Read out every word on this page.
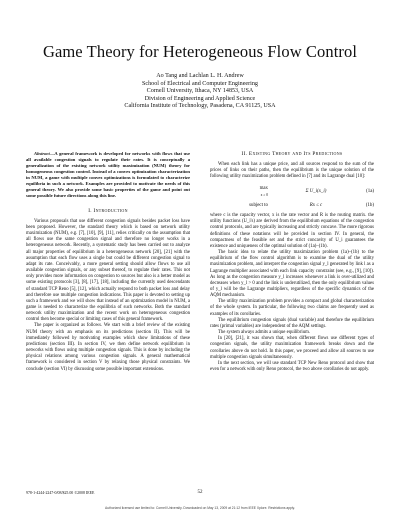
Game Theory for Heterogeneous Flow Control
Ao Tang and Lachlan L. H. Andrew
School of Electrical and Computer Engineering
Cornell University, Ithaca, NY 14853, USA
Division of Engineering and Applied Science
California Institute of Technology, Pasadena, CA 91125, USA

Abstract—A general framework is developed for networks with flows that use all available congestion signals to regulate their rates. It is conceptually a generalization of the existing network utility maximization (NUM) theory for homogeneous congestion control. Instead of a convex optimization characterization in NUM, a game with multiple convex optimizations is formulated to characterize equilibria in such a network. Examples are provided to motivate the needs of this general theory. We also provide some basic properties of the game and point out some possible future directions along this line.

I. Introduction

Various proposals that use different congestion signals besides packet loss have been proposed. However, the standard theory which is based on network utility maximization (NUM), e.g. [7], [10], [9], [11], relies critically on the assumption that all flows use the same congestion signal and therefore no longer works in a heterogeneous network. Recently, a systematic study has been carried out to analyze all major properties of equilibrium in a heterogeneous network [20], [21] with the assumption that each flow uses a single but could be different congestion signal to adapt its rate. Conceivably, a more general setting should allow flows to use all available congestion signals, or any subset thereof, to regulate their rates. This not only provides more information on congestion to sources but also is a better model as some existing protocols [3], [8], [17], [18], including the currently used descendants of standard TCP Reno [5], [12], which actually respond to both packet loss and delay and therefore use multiple congestion indications. This paper is devoted to setting up such a framework and we will show that instead of an optimization model in NUM, a game is needed to characterize the equilibria of such networks. Both the standard network utility maximization and the recent work on heterogeneous congestion control then become special or limiting cases of this general framework.

The paper is organized as follows. We start with a brief review of the existing NUM theory with an emphasis on its predictions (section II). This will be immediately followed by motivating examples which show limitations of these predictions (section III). In section IV, we then define network equilibrium in networks with flows using multiple congestion signals. This is done by including the physical relations among various congestion signals. A general mathematical framework is considered in section V by relaxing those physical constraints. We conclude (section VI) by discussing some possible important extensions.

II. Existing Theory and Its Predictions

When each link has a unique price, and all sources respond to the sum of the prices of links on their paths, then the equilibrium is the unique solution of the following utility maximization problem defined in [7] and its Lagrange dual [10]:

max
x ≥ 0
Σ U_i(x_i)	(1a)
subject to	Rx ≤ c	(1b)

where c is the capacity vector, x is the rate vector and R is the routing matrix. the utility functions (U_i's) are derived from the equilibrium equations of the congestion control protocols, and are typically increasing and strictly concave. The more rigorous definitions of these notations will be provided in section IV. In general, the compactness of the feasible set and the strict concavity of U_i guarantees the existence and uniqueness of the optimal solution of (1a)–(1b).

The basic idea to relate the utility maximization problem (1a)–(1b) to the equilibrium of the flow control algorithm is to examine the dual of the utility maximization problem, and interpret the congestion signal y_l generated by link l as a Lagrange multiplier associated with each link capacity constraint (see, e.g., [9], [10]). As long as the congestion measure y_l increases whenever a link is over-utilized and decreases when y_l > 0 and the link is underutilized, then the only equilibrium values of y_l will be the Lagrange multipliers, regardless of the specific dynamics of the AQM mechanism.

The utility maximization problem provides a compact and global characterization of the whole system. In particular, the following two claims are frequently used as examples of its corollaries.

The equilibrium congestion signals (dual variable) and therefore the equilibrium rates (primal variables) are independent of the AQM settings.

The system always admits a unique equilibrium.

In [20], [21], it was shown that, when different flows use different types of congestion signals, the utility maximization framework breaks down and the corollaries above do not hold. In this paper, we proceed and allow all sources to use multiple congestion signals simultaneously.

In the next section, we will use standard TCP New Reno protocol and show that even for a network with only Reno protocol, the two above corollaries do not apply.

978-1-4244-2247-0/08/$25.00 ©2008 IEEE	52
Authorized licensed use limited to: Cornell University. Downloaded on May 13, 2009 at 21:12 from IEEE Xplore. Restrictions apply.
